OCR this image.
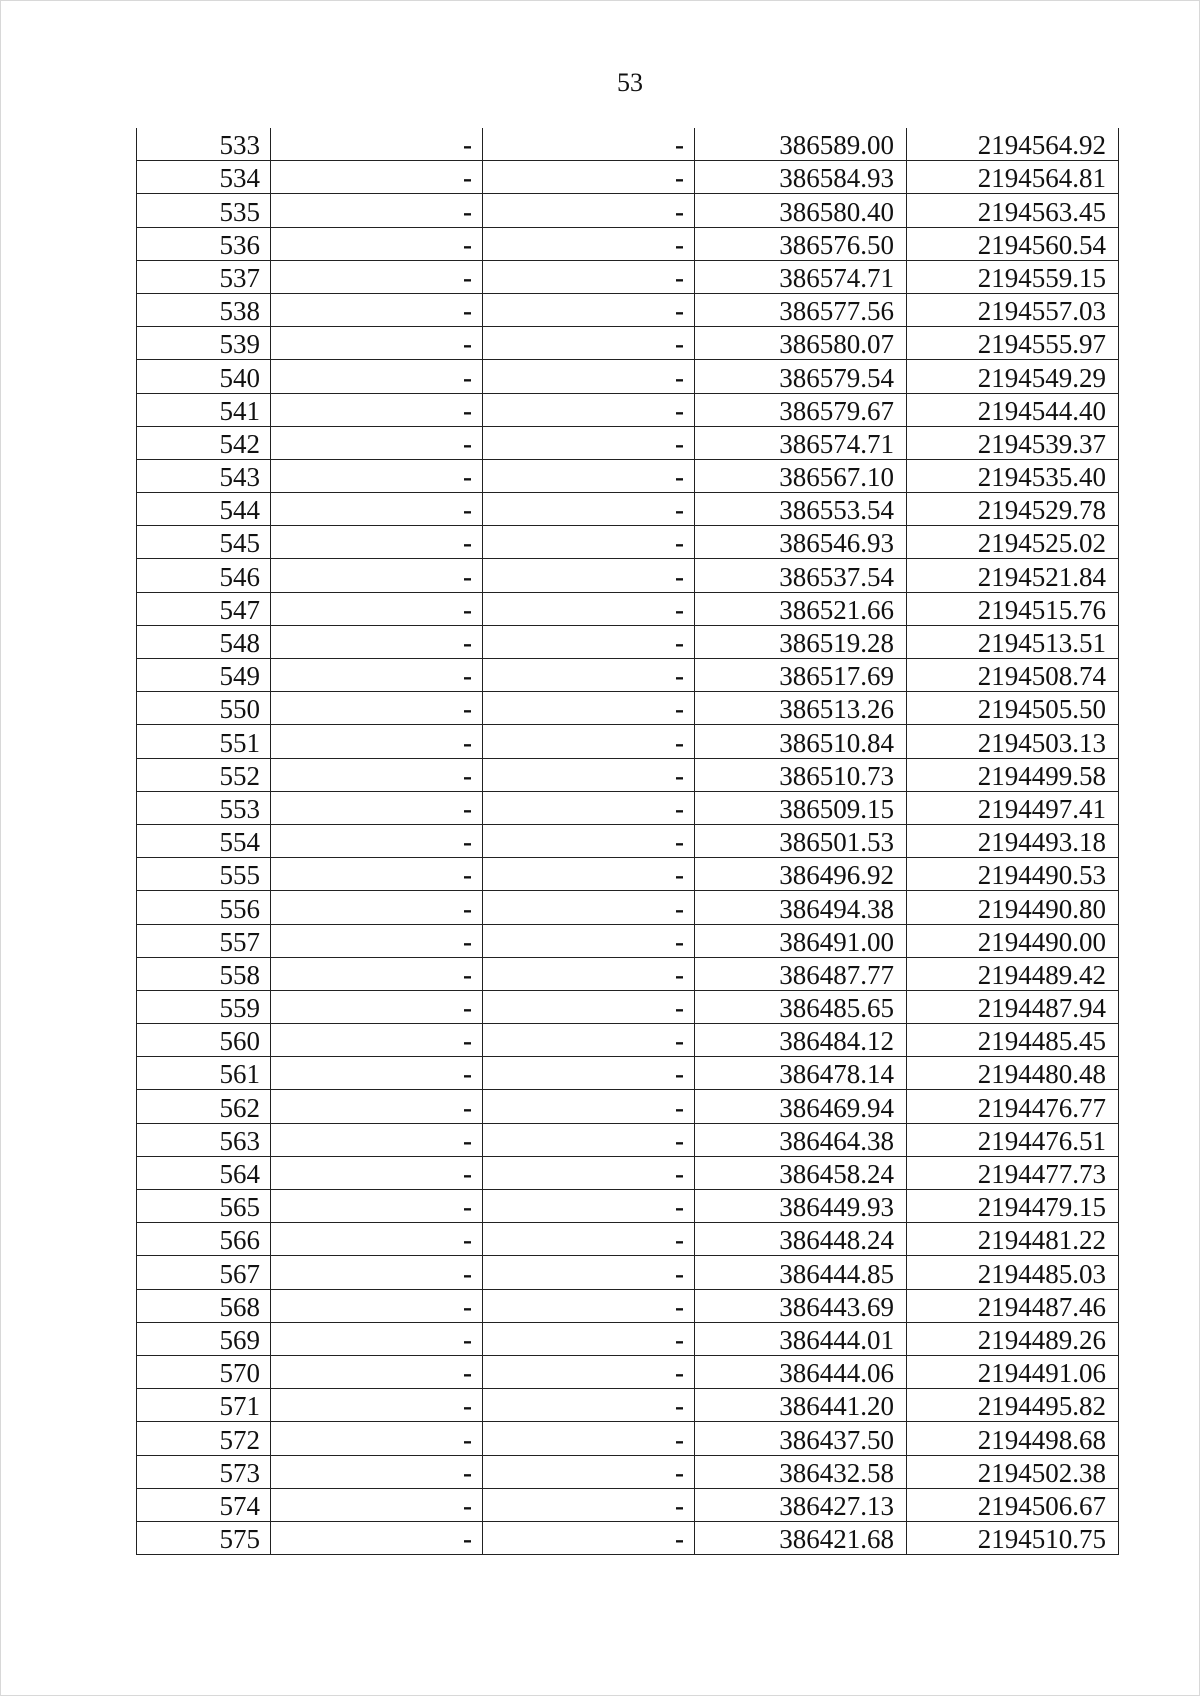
53
533	-	-	386589.00	2194564.92
534	-	-	386584.93	2194564.81
535	-	-	386580.40	2194563.45
536	-	-	386576.50	2194560.54
537	-	-	386574.71	2194559.15
538	-	-	386577.56	2194557.03
539	-	-	386580.07	2194555.97
540	-	-	386579.54	2194549.29
541	-	-	386579.67	2194544.40
542	-	-	386574.71	2194539.37
543	-	-	386567.10	2194535.40
544	-	-	386553.54	2194529.78
545	-	-	386546.93	2194525.02
546	-	-	386537.54	2194521.84
547	-	-	386521.66	2194515.76
548	-	-	386519.28	2194513.51
549	-	-	386517.69	2194508.74
550	-	-	386513.26	2194505.50
551	-	-	386510.84	2194503.13
552	-	-	386510.73	2194499.58
553	-	-	386509.15	2194497.41
554	-	-	386501.53	2194493.18
555	-	-	386496.92	2194490.53
556	-	-	386494.38	2194490.80
557	-	-	386491.00	2194490.00
558	-	-	386487.77	2194489.42
559	-	-	386485.65	2194487.94
560	-	-	386484.12	2194485.45
561	-	-	386478.14	2194480.48
562	-	-	386469.94	2194476.77
563	-	-	386464.38	2194476.51
564	-	-	386458.24	2194477.73
565	-	-	386449.93	2194479.15
566	-	-	386448.24	2194481.22
567	-	-	386444.85	2194485.03
568	-	-	386443.69	2194487.46
569	-	-	386444.01	2194489.26
570	-	-	386444.06	2194491.06
571	-	-	386441.20	2194495.82
572	-	-	386437.50	2194498.68
573	-	-	386432.58	2194502.38
574	-	-	386427.13	2194506.67
575	-	-	386421.68	2194510.75
